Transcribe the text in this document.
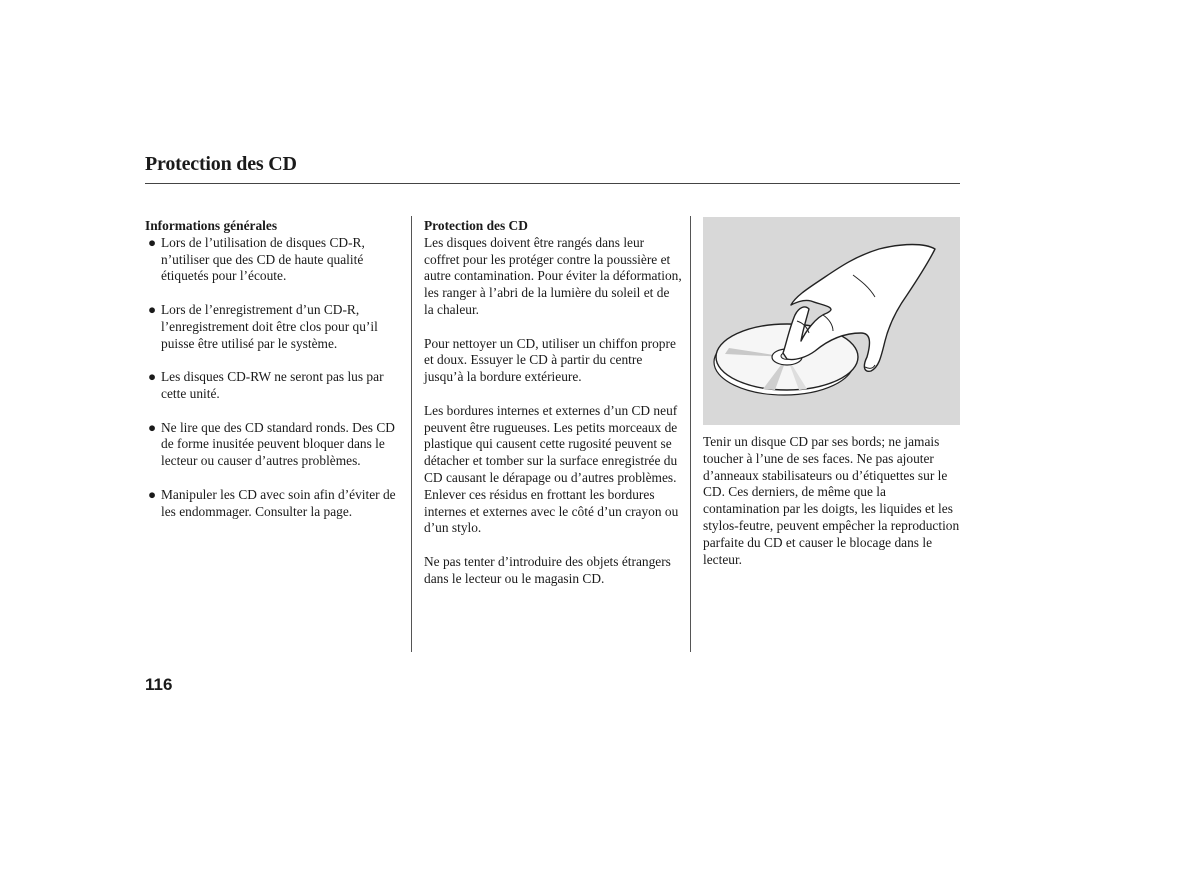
Protection des CD

Informations générales

● Lors de l’utilisation de disques CD-R, n’utiliser que des CD de haute qualité étiquetés pour l’écoute.
● Lors de l’enregistrement d’un CD-R, l’enregistrement doit être clos pour qu’il puisse être utilisé par le système.
● Les disques CD-RW ne seront pas lus par cette unité.
● Ne lire que des CD standard ronds. Des CD de forme inusitée peuvent bloquer dans le lecteur ou causer d’autres problèmes.
● Manipuler les CD avec soin afin d’éviter de les endommager. Consulter la page.

Protection des CD

Les disques doivent être rangés dans leur coffret pour les protéger contre la poussière et autre contamination. Pour éviter la déformation, les ranger à l’abri de la lumière du soleil et de la chaleur.

Pour nettoyer un CD, utiliser un chiffon propre et doux. Essuyer le CD à partir du centre jusqu’à la bordure extérieure.

Les bordures internes et externes d’un CD neuf peuvent être rugueuses. Les petits morceaux de plastique qui causent cette rugosité peuvent se détacher et tomber sur la surface enregistrée du CD causant le dérapage ou d’autres problèmes. Enlever ces résidus en frottant les bordures internes et externes avec le côté d’un crayon ou d’un stylo.

Ne pas tenter d’introduire des objets étrangers dans le lecteur ou le magasin CD.

Tenir un disque CD par ses bords; ne jamais toucher à l’une de ses faces. Ne pas ajouter d’anneaux stabilisateurs ou d’étiquettes sur le CD. Ces derniers, de même que la contamination par les doigts, les liquides et les stylos-feutre, peuvent empêcher la reproduction parfaite du CD et causer le blocage dans le lecteur.

116
